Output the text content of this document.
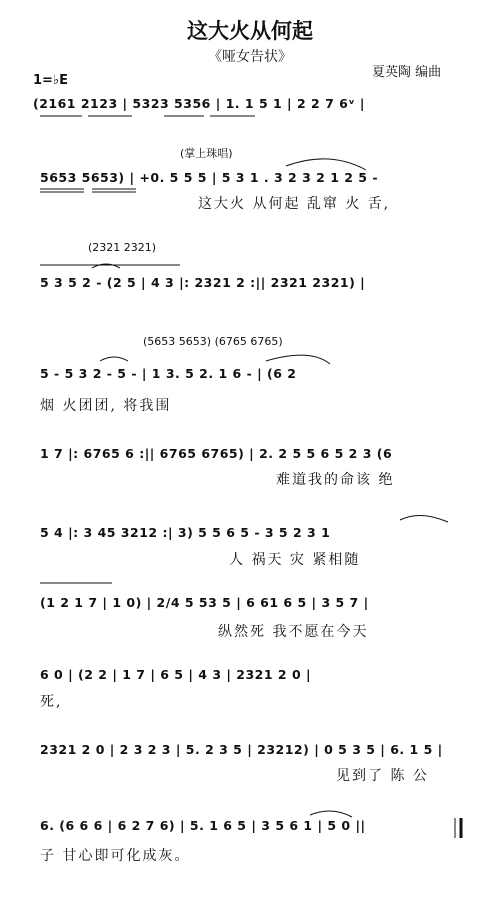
这大火从何起
《哑女告状》
夏英陶 编曲
1=♭E
(2161 2123 | 5323 5356 | 1. 1 5 1 | 2 2 7 6ᵛ |
(掌上珠唱)
5653 5653) | +0. 5 5 5 | 5 3 1 . 3 2 3 2 1 2 5 -
这大火 从何起 乱窜 火 舌,
(2321 2321)
5 3 5 2 - (2 5 | 4 3 |: 2321 2 :|| 2321 2321) |
(5653 5653) (6765 6765)
5 - 5 3 2 - 5 - | 1 3. 5 2. 1 6 - | (6 2
烟 火团团, 将我围
1 7 |: 6765 6 :|| 6765 6765) | 2. 2 5 5 6 5 2 3 (6
难道我的命该 绝
5 4 |: 3 45 3212 :| 3) 5 5 6 5 - 3 5 2 3 1
人 祸天 灾 紧相随
(1 2 1 7 | 1 0) | 2/4 5 53 5 | 6 61 6 5 | 3 5 7 |
纵然死 我不愿在今天
6 0 | (2 2 | 1 7 | 6 5 | 4 3 | 2321 2 0 |
死,
2321 2 0 | 2 3 2 3 | 5. 2 3 5 | 23212) | 0 5 3 5 | 6. 1 5 |
见到了 陈 公
6. (6 6 6 | 6 2 7 6) | 5. 1 6 5 | 3 5 6 1 | 5 0 ||
子 甘心即可化成灰。
